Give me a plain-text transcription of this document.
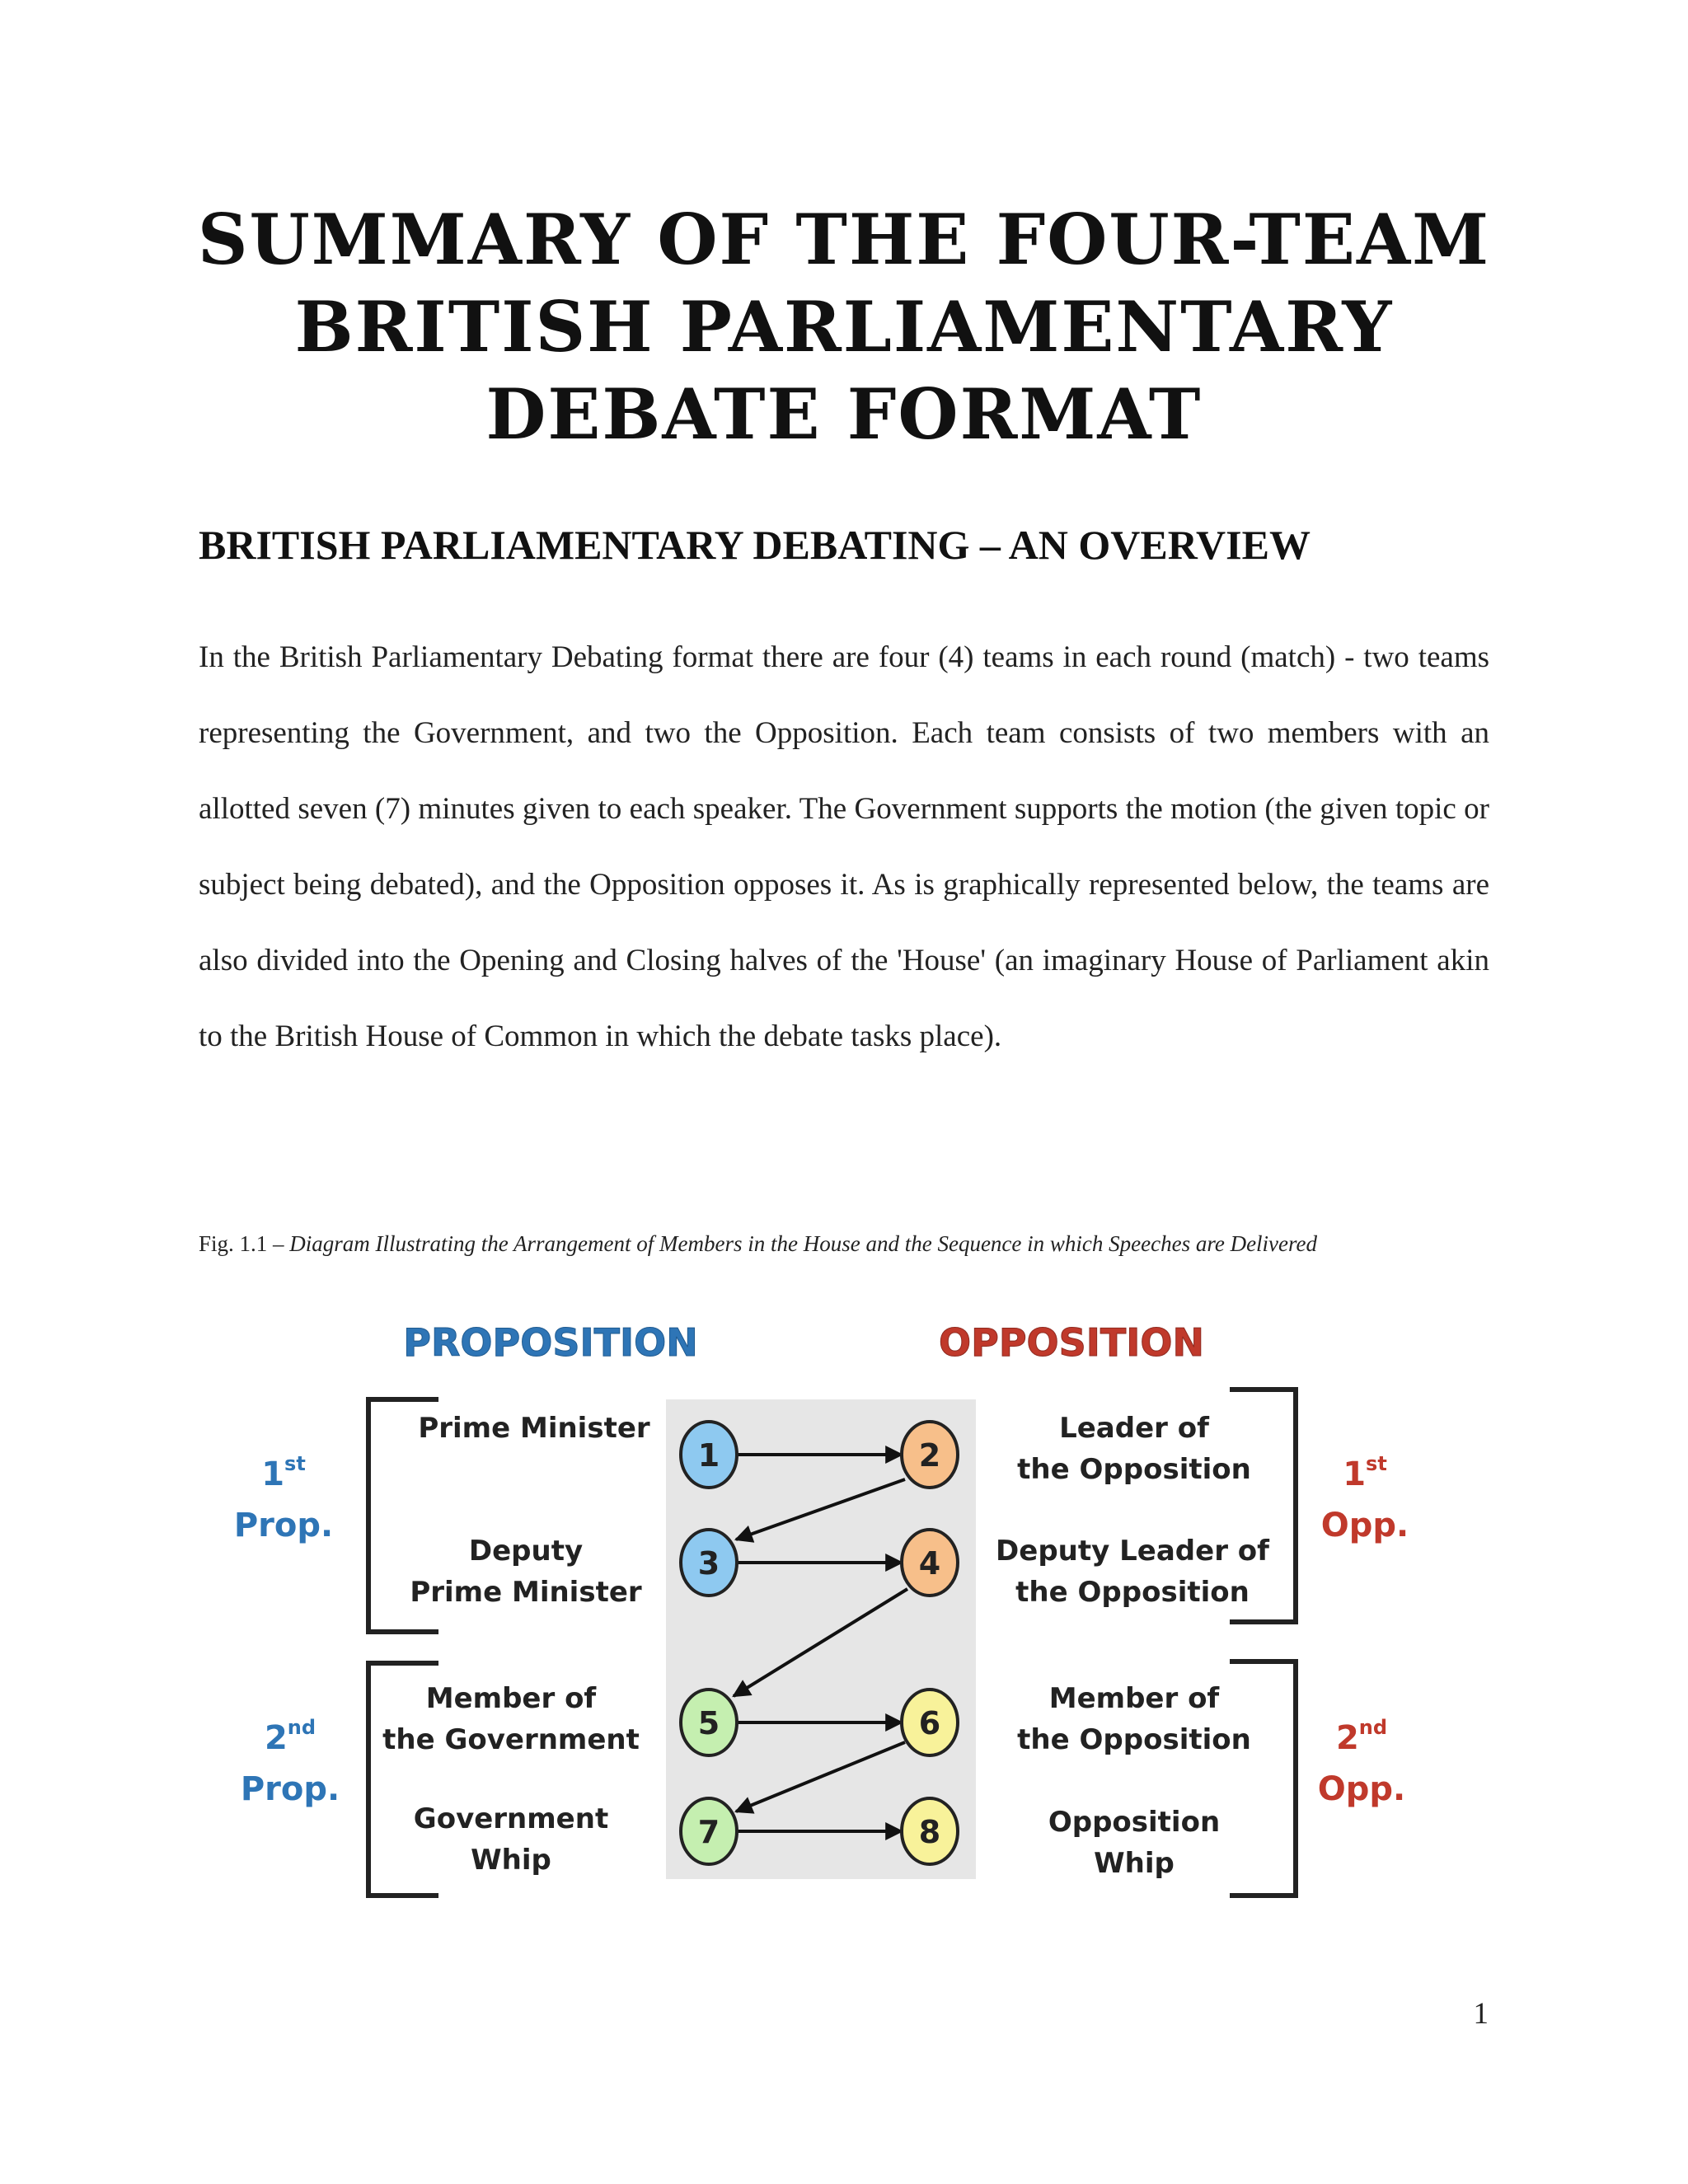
SUMMARY OF THE FOUR-TEAM
BRITISH PARLIAMENTARY
DEBATE FORMAT
BRITISH PARLIAMENTARY DEBATING – AN OVERVIEW

In the British Parliamentary Debating format there are four (4) teams in each round (match) - two teams representing the Government, and two the Opposition. Each team consists of two members with an allotted seven (7) minutes given to each speaker. The Government supports the motion (the given topic or subject being debated), and the Opposition opposes it. As is graphically represented below, the teams are also divided into the Opening and Closing halves of the 'House' (an imaginary House of Parliament akin to the British House of Common in which the debate tasks place).

Fig. 1.1 – Diagram Illustrating the Arrangement of Members in the House and the Sequence in which Speeches are Delivered

PROPOSITION	OPPOSITION
1st
Prop.
2nd
Prop.
1st
Opp.
2nd
Opp.
Prime Minister
Deputy
Prime Minister
Member of
the Government
Government
Whip
Leader of
the Opposition
Deputy Leader of
the Opposition
Member of
the Opposition
Opposition
Whip
1	2
3	4
5	6
7	8
1
